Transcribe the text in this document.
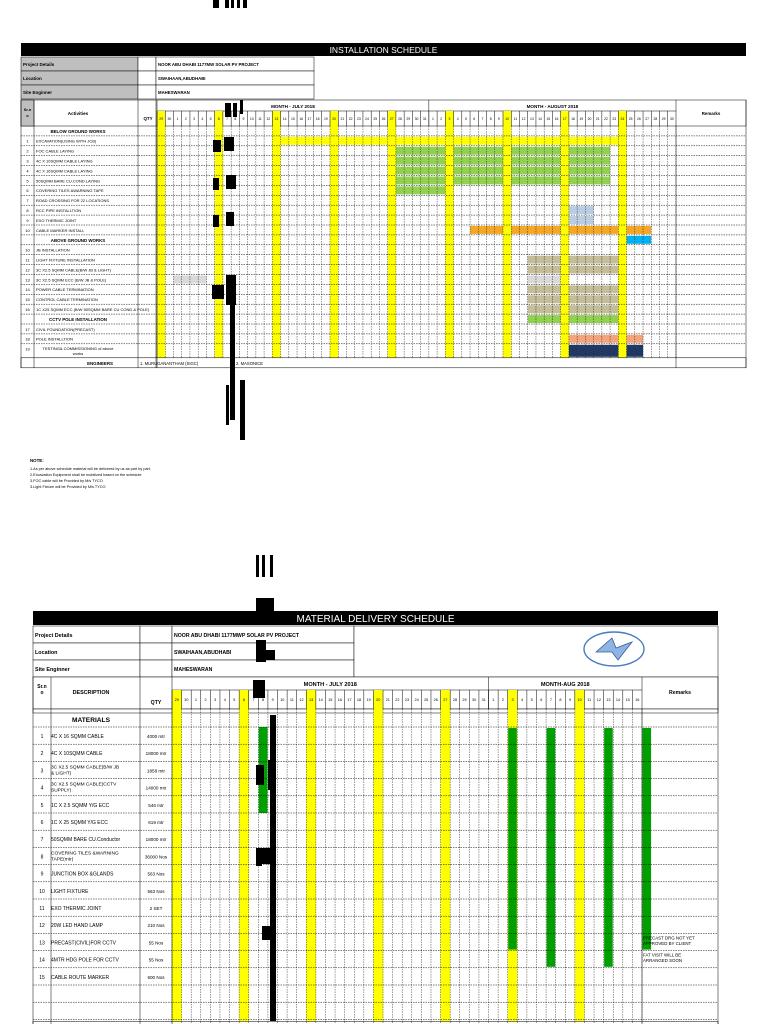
INSTALLATION SCHEDULE
Project Details	NOOR ABU DHABI 1177MW SOLAR PV PROJECT
Location	SWAIHAAN,ABUDHABI
Site Enginner	MAHESWARAN
Sr.n
o	Activities
QTY
MONTH - JULY 2018	MONTH - AUGUST 2018
Remarks
29 30 1 2 3 4 5 6 7 8 9 10 11 12 13 14 15 16 17 18 19 20 21 22 23 24 25 26 27 28 29 30 31 1 2 3 4 5 6 7 8 9 10 11 12 13 14 15 16 17 18 19 20 21 22 23 24 25 26 27 28 29 30
BELOW GROUND WORKS
1 EXCAVATION(USING WITH JCB)
2 FOC CABLE LAYING
3 4C X 10SQMM CABLE LAYING
4 4C X 16SQMM CABLE LAYING
5 50SQMM BARE CU.COND.LAYING
6 COVERING TILES &WARNING TAPE
7 ROAD CROSSING FOR 22 LOCATIONS
8 RCC PIPE INSTALLTION
9 EXO THERMIC JOINT
10 CABLE MARKER INSTALL
ABOVE GROUND WORKS
10 JB INSTALLATION
11 LIGHT FIXTURE INSTALLATION
12 3C X2.5 SQMM CABLE(B/W JB & LIGHT)
13 3C X2.5 SQMM ECC (B/W JB & POLE)
14 POWER CABLE TERMINATION
15 CONTROL CABLE TERMINATION
16 1C X25 SQMM ECC (B/W 50SQMM BARE CU COND & POLE)
CCTV POLE INSTALLATION
17 CIVIL FOUNDATION(PRECAST)
18 POLE INSTALLTION
19	TESTING& COMMISSIONING of above
works
ENGINEERS	1. MURUGANANTHAM (SIGC)	2. MASONICE
NOTE:
1.As per above schedule material will be delivered by us as part by part.
2.Excavation Equipment shall be mobilized based on the schedule
3.FOC cable will be Provided by M/s TYCO
3.Light Fixture will be Provided by M/s TYCO
MATERIAL DELIVERY SCHEDULE
Project Details	NOOR ABU DHABI 1177MWP SOLAR PV PROJECT
Location	SWAIHAAN,ABUDHABI
Site Enginner	MAHESWARAN
Sr.n
o	DESCRIPTION
QTY
MONTH - JULY 2018	MONTH-AUG 2018
Remarks
MATERIALS
29 30 1 2 3 4 5 6 7 8 9 10 11 12 13 14 15 16 17 18 19 20 21 22 23 24 25 26 27 28 29 30 31 1 2 3 4 5 6 7 8 9 10 11 12 13 14 15 16
1 4C X 16 SQMM CABLE	4000 mtr
2 4C X 10SQMM CABLE	18000 mtr
3
3C X2.5 SQMM CABLE(B/W JB
& LIGHT)
1858 mtr
4
3C X2.5 SQMM CABLE(CCTV
SUPPLY)
14000 mtr
5 1C X 2.5 SQMM Y/G ECC	546 mtr
6 1C X 25 SQMM Y/G ECC	619 mtr
7 50SQMM BARE CU.Conductor	18000 mtr
8
COVERING TILES &WARNING
TAPE(mtr)
36000 Nos
9 JUNCTION BOX &GLANDS	563 Nos
10 LIGHT FIXTURE	563 Nos
11 EXO THERMIC JOINT	2 SET
12 20W LED HAND LAMP	210 Nos
13 PRECAST(CIVIL)FOR CCTV	55 Nos
PRECAST DRG NOT YET
APPROVED BY CLIENT
14 4MTR HDG POLE FOR CCTV	55 Nos
FAT VISIT WILL BE
ARRANGED SOON
15 CABLE ROUTE MARKER	600 Nos
